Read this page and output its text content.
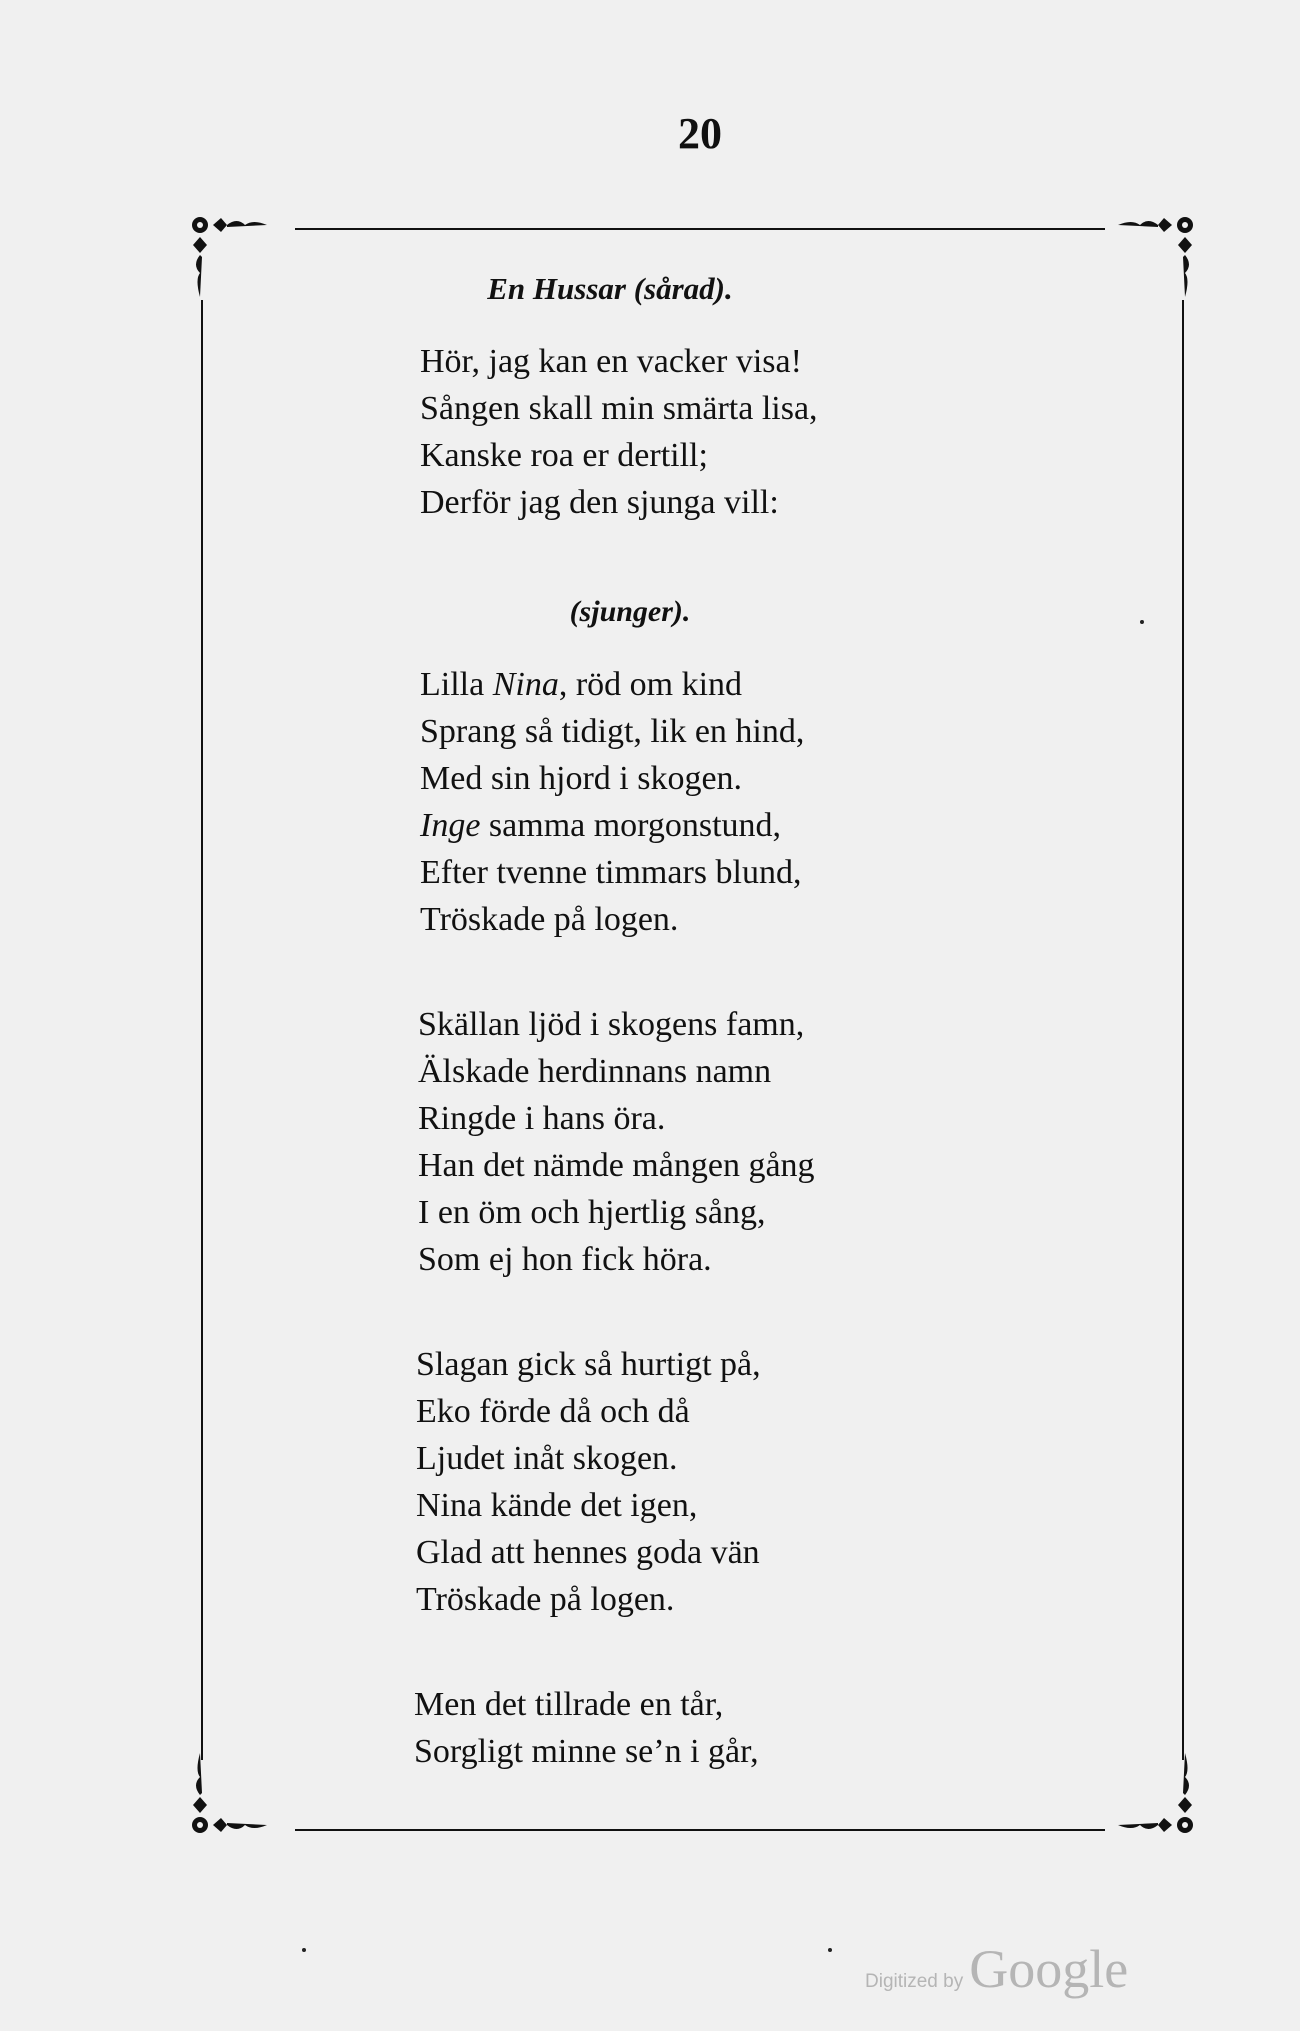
20
En Hussar (sårad).
Hör, jag kan en vacker visa!
Sången skall min smärta lisa,
Kanske roa er dertill;
Derför jag den sjunga vill:
(sjunger).
Lilla Nina, röd om kind
Sprang så tidigt, lik en hind,
Med sin hjord i skogen.
Inge samma morgonstund,
Efter tvenne timmars blund,
Tröskade på logen.
Skällan ljöd i skogens famn,
Älskade herdinnans namn
Ringde i hans öra.
Han det nämde mången gång
I en öm och hjertlig sång,
Som ej hon fick höra.
Slagan gick så hurtigt på,
Eko förde då och då
Ljudet inåt skogen.
Nina kände det igen,
Glad att hennes goda vän
Tröskade på logen.
Men det tillrade en tår,
Sorgligt minne se’n i går,
Digitized by Google
